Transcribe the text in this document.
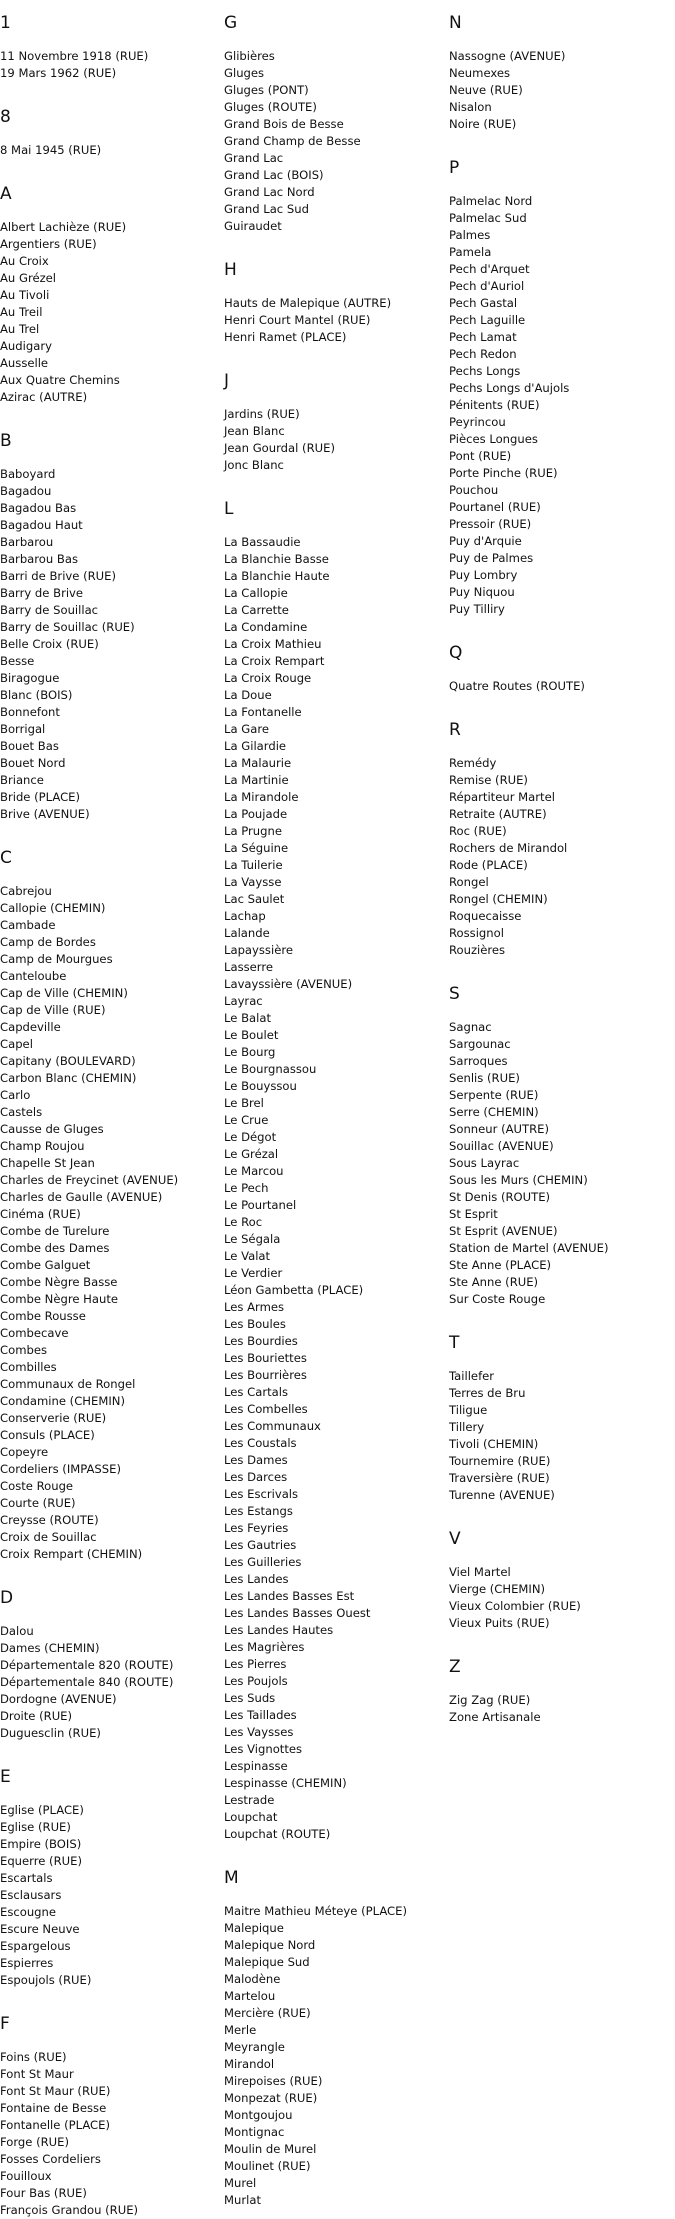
1
11 Novembre 1918 (RUE)
19 Mars 1962 (RUE)
8
8 Mai 1945 (RUE)
A
Albert Lachièze (RUE)
Argentiers (RUE)
Au Croix
Au Grézel
Au Tivoli
Au Treil
Au Trel
Audigary
Ausselle
Aux Quatre Chemins
Azirac (AUTRE)
B
Baboyard
Bagadou
Bagadou Bas
Bagadou Haut
Barbarou
Barbarou Bas
Barri de Brive (RUE)
Barry de Brive
Barry de Souillac
Barry de Souillac (RUE)
Belle Croix (RUE)
Besse
Biragogue
Blanc (BOIS)
Bonnefont
Borrigal
Bouet Bas
Bouet Nord
Briance
Bride (PLACE)
Brive (AVENUE)
C
Cabrejou
Callopie (CHEMIN)
Cambade
Camp de Bordes
Camp de Mourgues
Canteloube
Cap de Ville (CHEMIN)
Cap de Ville (RUE)
Capdeville
Capel
Capitany (BOULEVARD)
Carbon Blanc (CHEMIN)
Carlo
Castels
Causse de Gluges
Champ Roujou
Chapelle St Jean
Charles de Freycinet (AVENUE)
Charles de Gaulle (AVENUE)
Cinéma (RUE)
Combe de Turelure
Combe des Dames
Combe Galguet
Combe Nègre Basse
Combe Nègre Haute
Combe Rousse
Combecave
Combes
Combilles
Communaux de Rongel
Condamine (CHEMIN)
Conserverie (RUE)
Consuls (PLACE)
Copeyre
Cordeliers (IMPASSE)
Coste Rouge
Courte (RUE)
Creysse (ROUTE)
Croix de Souillac
Croix Rempart (CHEMIN)
D
Dalou
Dames (CHEMIN)
Départementale 820 (ROUTE)
Départementale 840 (ROUTE)
Dordogne (AVENUE)
Droite (RUE)
Duguesclin (RUE)
E
Eglise (PLACE)
Eglise (RUE)
Empire (BOIS)
Equerre (RUE)
Escartals
Esclausars
Escougne
Escure Neuve
Espargelous
Espierres
Espoujols (RUE)
F
Foins (RUE)
Font St Maur
Font St Maur (RUE)
Fontaine de Besse
Fontanelle (PLACE)
Forge (RUE)
Fosses Cordeliers
Fouilloux
Four Bas (RUE)
François Grandou (RUE)
G
Glibières
Gluges
Gluges (PONT)
Gluges (ROUTE)
Grand Bois de Besse
Grand Champ de Besse
Grand Lac
Grand Lac (BOIS)
Grand Lac Nord
Grand Lac Sud
Guiraudet
H
Hauts de Malepique (AUTRE)
Henri Court Mantel (RUE)
Henri Ramet (PLACE)
J
Jardins (RUE)
Jean Blanc
Jean Gourdal (RUE)
Jonc Blanc
L
La Bassaudie
La Blanchie Basse
La Blanchie Haute
La Callopie
La Carrette
La Condamine
La Croix Mathieu
La Croix Rempart
La Croix Rouge
La Doue
La Fontanelle
La Gare
La Gilardie
La Malaurie
La Martinie
La Mirandole
La Poujade
La Prugne
La Séguine
La Tuilerie
La Vaysse
Lac Saulet
Lachap
Lalande
Lapayssière
Lasserre
Lavayssière (AVENUE)
Layrac
Le Balat
Le Boulet
Le Bourg
Le Bourgnassou
Le Bouyssou
Le Brel
Le Crue
Le Dégot
Le Grézal
Le Marcou
Le Pech
Le Pourtanel
Le Roc
Le Ségala
Le Valat
Le Verdier
Léon Gambetta (PLACE)
Les Armes
Les Boules
Les Bourdies
Les Bouriettes
Les Bourrières
Les Cartals
Les Combelles
Les Communaux
Les Coustals
Les Dames
Les Darces
Les Escrivals
Les Estangs
Les Feyries
Les Gautries
Les Guilleries
Les Landes
Les Landes Basses Est
Les Landes Basses Ouest
Les Landes Hautes
Les Magrières
Les Pierres
Les Poujols
Les Suds
Les Taillades
Les Vaysses
Les Vignottes
Lespinasse
Lespinasse (CHEMIN)
Lestrade
Loupchat
Loupchat (ROUTE)
M
Maitre Mathieu Méteye (PLACE)
Malepique
Malepique Nord
Malepique Sud
Malodène
Martelou
Mercière (RUE)
Merle
Meyrangle
Mirandol
Mirepoises (RUE)
Monpezat (RUE)
Montgoujou
Montignac
Moulin de Murel
Moulinet (RUE)
Murel
Murlat
N
Nassogne (AVENUE)
Neumexes
Neuve (RUE)
Nisalon
Noire (RUE)
P
Palmelac Nord
Palmelac Sud
Palmes
Pamela
Pech d'Arquet
Pech d'Auriol
Pech Gastal
Pech Laguille
Pech Lamat
Pech Redon
Pechs Longs
Pechs Longs d'Aujols
Pénitents (RUE)
Peyrincou
Pièces Longues
Pont (RUE)
Porte Pinche (RUE)
Pouchou
Pourtanel (RUE)
Pressoir (RUE)
Puy d'Arquie
Puy de Palmes
Puy Lombry
Puy Niquou
Puy Tilliry
Q
Quatre Routes (ROUTE)
R
Remédy
Remise (RUE)
Répartiteur Martel
Retraite (AUTRE)
Roc (RUE)
Rochers de Mirandol
Rode (PLACE)
Rongel
Rongel (CHEMIN)
Roquecaisse
Rossignol
Rouzières
S
Sagnac
Sargounac
Sarroques
Senlis (RUE)
Serpente (RUE)
Serre (CHEMIN)
Sonneur (AUTRE)
Souillac (AVENUE)
Sous Layrac
Sous les Murs (CHEMIN)
St Denis (ROUTE)
St Esprit
St Esprit (AVENUE)
Station de Martel (AVENUE)
Ste Anne (PLACE)
Ste Anne (RUE)
Sur Coste Rouge
T
Taillefer
Terres de Bru
Tiligue
Tillery
Tivoli (CHEMIN)
Tournemire (RUE)
Traversière (RUE)
Turenne (AVENUE)
V
Viel Martel
Vierge (CHEMIN)
Vieux Colombier (RUE)
Vieux Puits (RUE)
Z
Zig Zag (RUE)
Zone Artisanale
